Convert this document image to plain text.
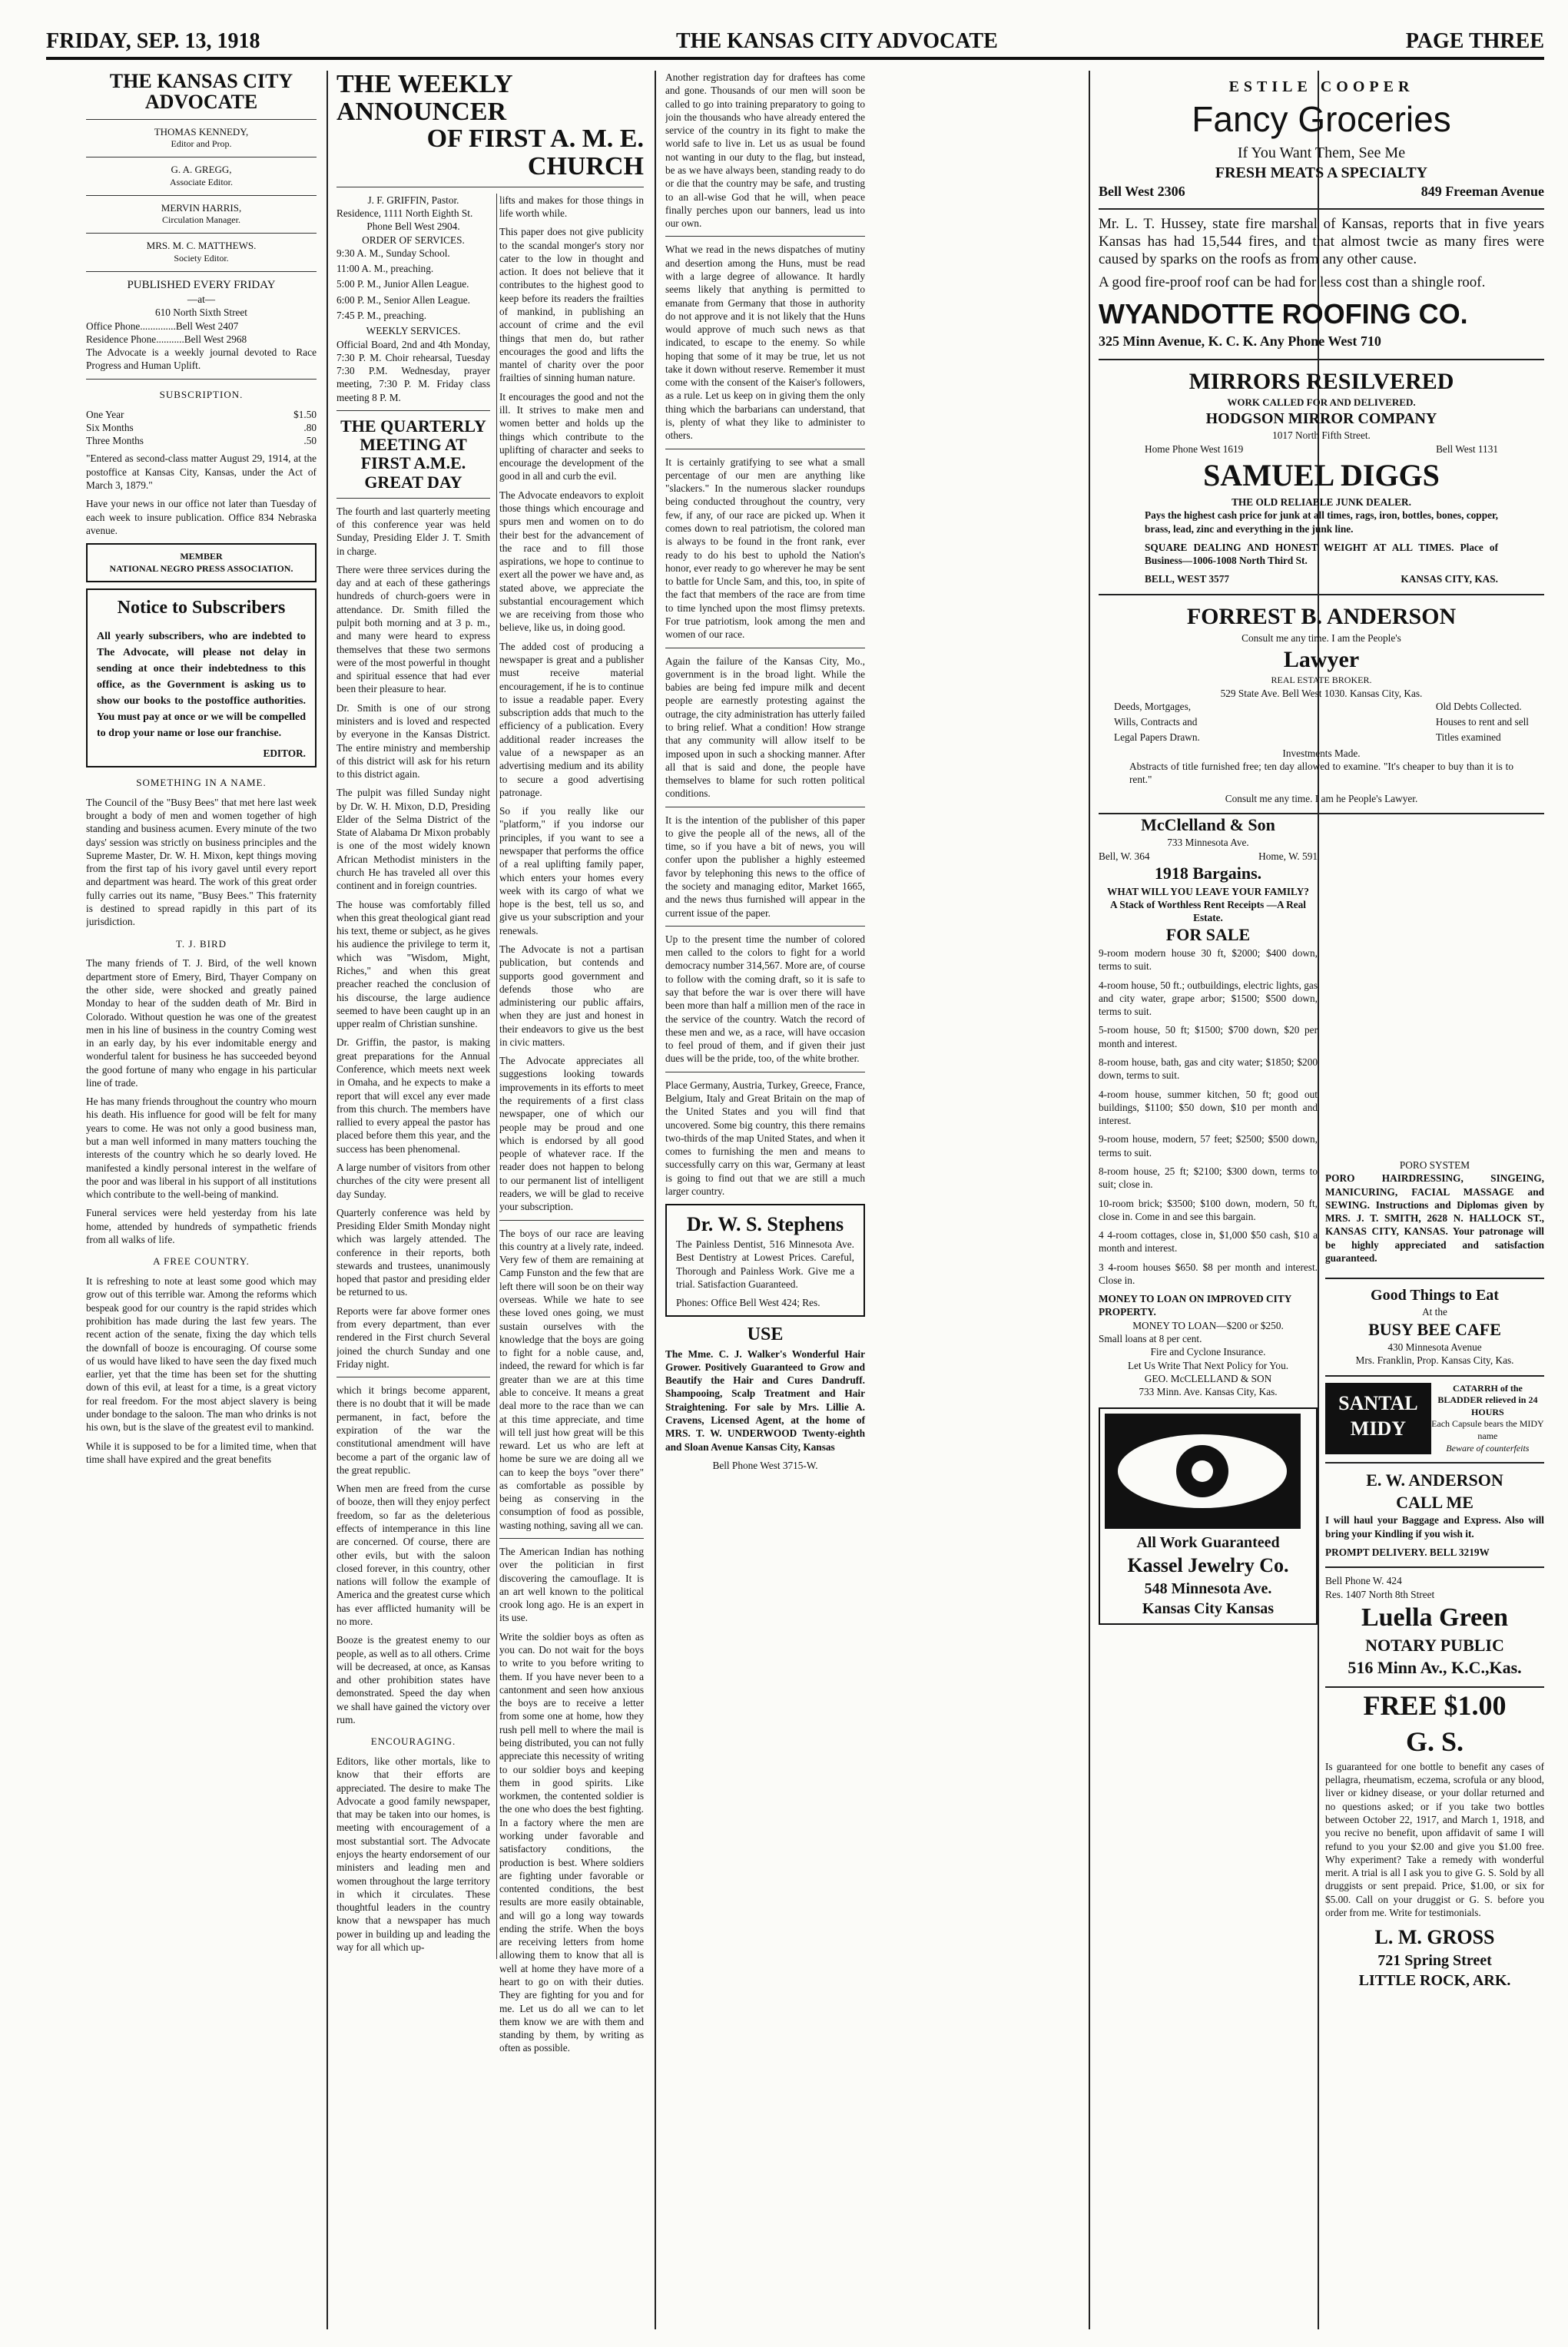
FRIDAY, SEP. 13, 1918	THE KANSAS CITY ADVOCATE	PAGE THREE
THE KANSAS CITY ADVOCATE
THOMAS KENNEDY,
Editor and Prop.
G. A. GREGG,
Associate Editor.
MERVIN HARRIS,
Circulation Manager.
MRS. M. C. MATTHEWS.
Society Editor.
PUBLISHED EVERY FRIDAY
—at—
610 North Sixth Street
Office Phone..............Bell West 2407
Residence Phone...........Bell West 2968

The Advocate is a weekly journal devoted to Race Progress and Human Uplift.

SUBSCRIPTION.
One Year	$1.50
Six Months	.80
Three Months	.50

"Entered as second-class matter August 29, 1914, at the postoffice at Kansas City, Kansas, under the Act of March 3, 1879."

Have your news in our office not later than Tuesday of each week to insure publication. Office 834 Nebraska avenue.

MEMBER
NATIONAL NEGRO PRESS ASSOCIATION.
Notice to Subscribers

All yearly subscribers, who are indebted to The Advocate, will please not delay in sending at once their indebtedness to this office, as the Government is asking us to show our books to the postoffice authorities. You must pay at once or we will be compelled to drop your name or lose our franchise.

EDITOR.
SOMETHING IN A NAME.

The Council of the "Busy Bees" that met here last week brought a body of men and women together of high standing and business acumen. Every minute of the two days' session was strictly on business principles and the Supreme Master, Dr. W. H. Mixon, kept things moving from the first tap of his ivory gavel until every report and department was heard. The work of this great order fully carries out its name, "Busy Bees." This fraternity is destined to spread rapidly in this part of its jurisdiction.

T. J. BIRD

The many friends of T. J. Bird, of the well known department store of Emery, Bird, Thayer Company on the other side, were shocked and greatly pained Monday to hear of the sudden death of Mr. Bird in Colorado. Without question he was one of the greatest men in his line of business in the country Coming west in an early day, by his ever indomitable energy and wonderful talent for business he has succeeded beyond the good fortune of many who engage in his particular line of trade.

He has many friends throughout the country who mourn his death. His influence for good will be felt for many years to come. He was not only a good business man, but a man well informed in many matters touching the interests of the country which he so dearly loved. He manifested a kindly personal interest in the welfare of the poor and was liberal in his support of all institutions which contribute to the well-being of mankind.

Funeral services were held yesterday from his late home, attended by hundreds of sympathetic friends from all walks of life.

A FREE COUNTRY.

It is refreshing to note at least some good which may grow out of this terrible war. Among the reforms which bespeak good for our country is the rapid strides which prohibition has made during the last few years. The recent action of the senate, fixing the day which tells the downfall of booze is encouraging. Of course some of us would have liked to have seen the day fixed much earlier, yet that the time has been set for the shutting down of this evil, at least for a time, is a great victory for real freedom. For the most abject slavery is being under bondage to the saloon. The man who drinks is not his own, but is the slave of the greatest evil to mankind.

While it is supposed to be for a limited time, when that time shall have expired and the great benefits

THE WEEKLY ANNOUNCER
OF FIRST A. M. E. CHURCH
J. F. GRIFFIN, Pastor.
Residence, 1111 North Eighth St.
Phone Bell West 2904.
ORDER OF SERVICES.
9:30 A. M., Sunday School.
11:00 A. M., preaching.
5:00 P. M., Junior Allen League.
6:00 P. M., Senior Allen League.
7:45 P. M., preaching.
WEEKLY SERVICES.

Official Board, 2nd and 4th Monday, 7:30 P. M. Choir rehearsal, Tuesday 7:30 P.M. Wednesday, prayer meeting, 7:30 P. M. Friday class meeting 8 P. M.

THE QUARTERLY MEETING AT FIRST A.M.E. GREAT DAY

The fourth and last quarterly meeting of this conference year was held Sunday, Presiding Elder J. T. Smith in charge.

There were three services during the day and at each of these gatherings hundreds of church-goers were in attendance. Dr. Smith filled the pulpit both morning and at 3 p. m., and many were heard to express themselves that these two sermons were of the most powerful in thought and spiritual essence that had ever been their pleasure to hear.

Dr. Smith is one of our strong ministers and is loved and respected by everyone in the Kansas District. The entire ministry and membership of this district will ask for his return to this district again.

The pulpit was filled Sunday night by Dr. W. H. Mixon, D.D, Presiding Elder of the Selma District of the State of Alabama Dr Mixon probably is one of the most widely known African Methodist ministers in the church He has traveled all over this continent and in foreign countries.

The house was comfortably filled when this great theological giant read his text, theme or subject, as he gives his audience the privilege to term it, which was "Wisdom, Might, Riches," and when this great preacher reached the conclusion of his discourse, the large audience seemed to have been caught up in an upper realm of Christian sunshine.

Dr. Griffin, the pastor, is making great preparations for the Annual Conference, which meets next week in Omaha, and he expects to make a report that will excel any ever made from this church. The members have rallied to every appeal the pastor has placed before them this year, and the success has been phenomenal.

A large number of visitors from other churches of the city were present all day Sunday.

Quarterly conference was held by Presiding Elder Smith Monday night which was largely attended. The conference in their reports, both stewards and trustees, unanimously hoped that pastor and presiding elder be returned to us.

Reports were far above former ones from every department, than ever rendered in the First church Several joined the church Sunday and one Friday night.

which it brings become apparent, there is no doubt that it will be made permanent, in fact, before the expiration of the war the constitutional amendment will have become a part of the organic law of the great republic.

When men are freed from the curse of booze, then will they enjoy perfect freedom, so far as the deleterious effects of intemperance in this line are concerned. Of course, there are other evils, but with the saloon closed forever, in this country, other nations will follow the example of America and the greatest curse which has ever afflicted humanity will be no more.

Booze is the greatest enemy to our people, as well as to all others. Crime will be decreased, at once, as Kansas and other prohibition states have demonstrated. Speed the day when we shall have gained the victory over rum.

ENCOURAGING.

Editors, like other mortals, like to know that their efforts are appreciated. The desire to make The Advocate a good family newspaper, that may be taken into our homes, is meeting with encouragement of a most substantial sort. The Advocate enjoys the hearty endorsement of our ministers and leading men and women throughout the large territory in which it circulates. These thoughtful leaders in the country know that a newspaper has much power in building up and leading the way for all which up-

lifts and makes for those things in life worth while.

This paper does not give publicity to the scandal monger's story nor cater to the low in thought and action. It does not believe that it contributes to the highest good to keep before its readers the frailties of mankind, in publishing an account of crime and the evil things that men do, but rather encourages the good and lifts the mantel of charity over the poor frailties of sinning human nature.

It encourages the good and not the ill. It strives to make men and women better and holds up the things which contribute to the uplifting of character and seeks to encourage the development of the good in all and curb the evil.

The Advocate endeavors to exploit those things which encourage and spurs men and women on to do their best for the advancement of the race and to fill those aspirations, we hope to continue to exert all the power we have and, as stated above, we appreciate the substantial encouragement which we are receiving from those who believe, like us, in doing good.

The added cost of producing a newspaper is great and a publisher must receive material encouragement, if he is to continue to issue a readable paper. Every subscription adds that much to the efficiency of a publication. Every additional reader increases the value of a newspaper as an advertising medium and its ability to secure a good advertising patronage.

So if you really like our "platform," if you indorse our principles, if you want to see a newspaper that performs the office of a real uplifting family paper, which enters your homes every week with its cargo of what we hope is the best, tell us so, and give us your subscription and your renewals.

The Advocate is not a partisan publication, but contends and supports good government and defends those who are administering our public affairs, when they are just and honest in their endeavors to give us the best in civic matters.

The Advocate appreciates all suggestions looking towards improvements in its efforts to meet the requirements of a first class newspaper, one of which our people may be proud and one which is endorsed by all good people of whatever race. If the reader does not happen to belong to our permanent list of intelligent readers, we will be glad to receive your subscription.

The boys of our race are leaving this country at a lively rate, indeed. Very few of them are remaining at Camp Funston and the few that are left there will soon be on their way overseas. While we hate to see these loved ones going, we must sustain ourselves with the knowledge that the boys are going to fight for a noble cause, and, indeed, the reward for which is far greater than we are at this time able to conceive. It means a great deal more to the race than we can at this time appreciate, and time will tell just how great will be this reward. Let us who are left at home be sure we are doing all we can to keep the boys "over there" as comfortable as possible by being as conserving in the consumption of food as possible, wasting nothing, saving all we can.

The American Indian has nothing over the politician in first discovering the camouflage. It is an art well known to the political crook long ago. He is an expert in its use.

Write the soldier boys as often as you can. Do not wait for the boys to write to you before writing to them. If you have never been to a cantonment and seen how anxious the boys are to receive a letter from some one at home, how they rush pell mell to where the mail is being distributed, you can not fully appreciate this necessity of writing to our soldier boys and keeping them in good spirits. Like workmen, the contented soldier is the one who does the best fighting. In a factory where the men are working under favorable and satisfactory conditions, the production is best. Where soldiers are fighting under favorable or contented conditions, the best results are more easily obtainable, and will go a long way towards ending the strife. When the boys are receiving letters from home allowing them to know that all is well at home they have more of a heart to go on with their duties. They are fighting for you and for me. Let us do all we can to let them know we are with them and standing by them, by writing as often as possible.

Another registration day for draftees has come and gone. Thousands of our men will soon be called to go into training preparatory to going to join the thousands who have already entered the service of the country in its fight to make the world safe to live in. Let us as usual be found not wanting in our duty to the flag, but instead, be as we have always been, standing ready to do or die that the country may be safe, and trusting to an all-wise God that he will, when peace finally perches upon our banners, lead us into our own.

What we read in the news dispatches of mutiny and desertion among the Huns, must be read with a large degree of allowance. It hardly seems likely that anything is permitted to emanate from Germany that those in authority do not approve and it is not likely that the Huns would approve of much such news as that indicated, to escape to the enemy. So while hoping that some of it may be true, let us not take it down without reserve. Remember it must come with the consent of the Kaiser's followers, as a rule. Let us keep on in giving them the only thing which the barbarians can understand, that is, plenty of what they like to administer to others.

It is certainly gratifying to see what a small percentage of our men are anything like "slackers." In the numerous slacker roundups being conducted throughout the country, very few, if any, of our race are picked up. When it comes down to real patriotism, the colored man is always to be found in the front rank, ever ready to do his best to uphold the Nation's honor, ever ready to go wherever he may be sent to battle for Uncle Sam, and this, too, in spite of the fact that members of the race are from time to time lynched upon the most flimsy pretexts. For true patriotism, look among the men and women of our race.

Again the failure of the Kansas City, Mo., government is in the broad light. While the babies are being fed impure milk and decent people are earnestly protesting against the outrage, the city administration has utterly failed to bring relief. What a condition! How strange that any community will allow itself to be imposed upon in such a shocking manner. After all that is said and done, the people have themselves to blame for such rotten political conditions.

It is the intention of the publisher of this paper to give the people all of the news, all of the time, so if you have a bit of news, you will confer upon the publisher a highly esteemed favor by telephoning this news to the office of the society and managing editor, Market 1665, and the news thus furnished will appear in the current issue of the paper.

Up to the present time the number of colored men called to the colors to fight for a world democracy number 314,567. More are, of course to follow with the coming draft, so it is safe to say that before the war is over there will have been more than half a million men of the race in the service of the country. Watch the record of these men and we, as a race, will have occasion to feel proud of them, and if given their just dues will be the pride, too, of the white brother.

Place Germany, Austria, Turkey, Greece, France, Belgium, Italy and Great Britain on the map of the United States and you will find that uncovered. Some big country, this there remains two-thirds of the map United States, and when it comes to furnishing the men and means to successfully carry on this war, Germany at least is going to find out that we are still a much larger country.

Dr. W. S. Stephens

The Painless Dentist, 516 Minnesota Ave. Best Dentistry at Lowest Prices. Careful, Thorough and Painless Work. Give me a trial. Satisfaction Guaranteed.

Phones: Office Bell West 424; Res.
USE

The Mme. C. J. Walker's Wonderful Hair Grower. Positively Guaranteed to Grow and Beautify the Hair and Cures Dandruff. Shampooing, Scalp Treatment and Hair Straightening. For sale by Mrs. Lillie A. Cravens, Licensed Agent, at the home of MRS. T. W. UNDERWOOD Twenty-eighth and Sloan Avenue Kansas City, Kansas

Bell Phone West 3715-W.
ESTILE COOPER
Fancy Groceries
If You Want Them, See Me
FRESH MEATS A SPECIALTY
Bell West 2306	849 Freeman Avenue

Mr. L. T. Hussey, state fire marshal of Kansas, reports that in five years Kansas has had 15,544 fires, and that almost twcie as many fires were caused by sparks on the roofs as from any other cause.

A good fire-proof roof can be had for less cost than a shingle roof.

WYANDOTTE ROOFING CO.
325 Minn Avenue, K. C. K. Any Phone West 710
MIRRORS RESILVERED
WORK CALLED FOR AND DELIVERED.
HODGSON MIRROR COMPANY
1017 North Fifth Street.
Home Phone West 1619	Bell West 1131
SAMUEL DIGGS
THE OLD RELIABLE JUNK DEALER.

Pays the highest cash price for junk at all times, rags, iron, bottles, bones, copper, brass, lead, zinc and everything in the junk line.

SQUARE DEALING AND HONEST WEIGHT AT ALL TIMES. Place of Business—1006-1008 North Third St.

BELL, WEST 3577	KANSAS CITY, KAS.
FORREST B. ANDERSON
Consult me any time. I am the People's
Lawyer
REAL ESTATE BROKER.
529 State Ave. Bell West 1030. Kansas City, Kas.
Deeds, Mortgages,
Wills, Contracts and
Legal Papers Drawn.
Old Debts Collected.
Houses to rent and sell
Titles examined
Investments Made.

Abstracts of title furnished free; ten day allowed to examine. "It's cheaper to buy than it is to rent."

Consult me any time. I am he People's Lawyer.
McClelland & Son
733 Minnesota Ave.
Bell, W. 364	Home, W. 591
1918 Bargains.
WHAT WILL YOU LEAVE YOUR FAMILY?
A Stack of Worthless Rent Receipts —A Real Estate.
FOR SALE

9-room modern house 30 ft, $2000; $400 down, terms to suit.

4-room house, 50 ft.; outbuildings, electric lights, gas and city water, grape arbor; $1500; $500 down, terms to suit.

5-room house, 50 ft; $1500; $700 down, $20 per month and interest.

8-room house, bath, gas and city water; $1850; $200 down, terms to suit.

4-room house, summer kitchen, 50 ft; good out buildings, $1100; $50 down, $10 per month and interest.

9-room house, modern, 57 feet; $2500; $500 down, terms to suit.

8-room house, 25 ft; $2100; $300 down, terms to suit; close in.

10-room brick; $3500; $100 down, modern, 50 ft, close in. Come in and see this bargain.

4 4-room cottages, close in, $1,000 $50 cash, $10 a month and interest.

3 4-room houses $650. $8 per month and interest. Close in.

MONEY TO LOAN ON IMPROVED CITY PROPERTY.
MONEY TO LOAN—$200 or $250.
Small loans at 8 per cent.
Fire and Cyclone Insurance.
Let Us Write That Next Policy for You.
GEO. McCLELLAND & SON
733 Minn. Ave. Kansas City, Kas.
All Work Guaranteed
Kassel Jewelry Co.
548 Minnesota Ave.
Kansas City Kansas
PORO SYSTEM

PORO HAIRDRESSING, SINGEING, MANICURING, FACIAL MASSAGE and SEWING. Instructions and Diplomas given by MRS. J. T. SMITH, 2628 N. HALLOCK ST., KANSAS CITY, KANSAS. Your patronage will be highly appreciated and satisfaction guaranteed.

Good Things to Eat
At the
BUSY BEE CAFE
430 Minnesota Avenue
Mrs. Franklin, Prop. Kansas City, Kas.
SANTAL
MIDY
CATARRH of the BLADDER relieved in 24 HOURS
Each Capsule bears the MIDY name
Beware of counterfeits
E. W. ANDERSON
CALL ME

I will haul your Baggage and Express. Also will bring your Kindling if you wish it.

PROMPT DELIVERY. BELL 3219W
Bell Phone W. 424
Res. 1407 North 8th Street
Luella Green
NOTARY PUBLIC
516 Minn Av., K.C.,Kas.
FREE $1.00
G. S.

Is guaranteed for one bottle to benefit any cases of pellagra, rheumatism, eczema, scrofula or any blood, liver or kidney disease, or your dollar returned and no questions asked; or if you take two bottles between October 22, 1917, and March 1, 1918, and you recive no benefit, upon affidavit of same I will refund to you your $2.00 and give you $1.00 free. Why experiment? Take a remedy with wonderful merit. A trial is all I ask you to give G. S. Sold by all druggists or sent prepaid. Price, $1.00, or six for $5.00. Call on your druggist or G. S. before you order from me. Write for testimonials.

L. M. GROSS
721 Spring Street
LITTLE ROCK, ARK.
